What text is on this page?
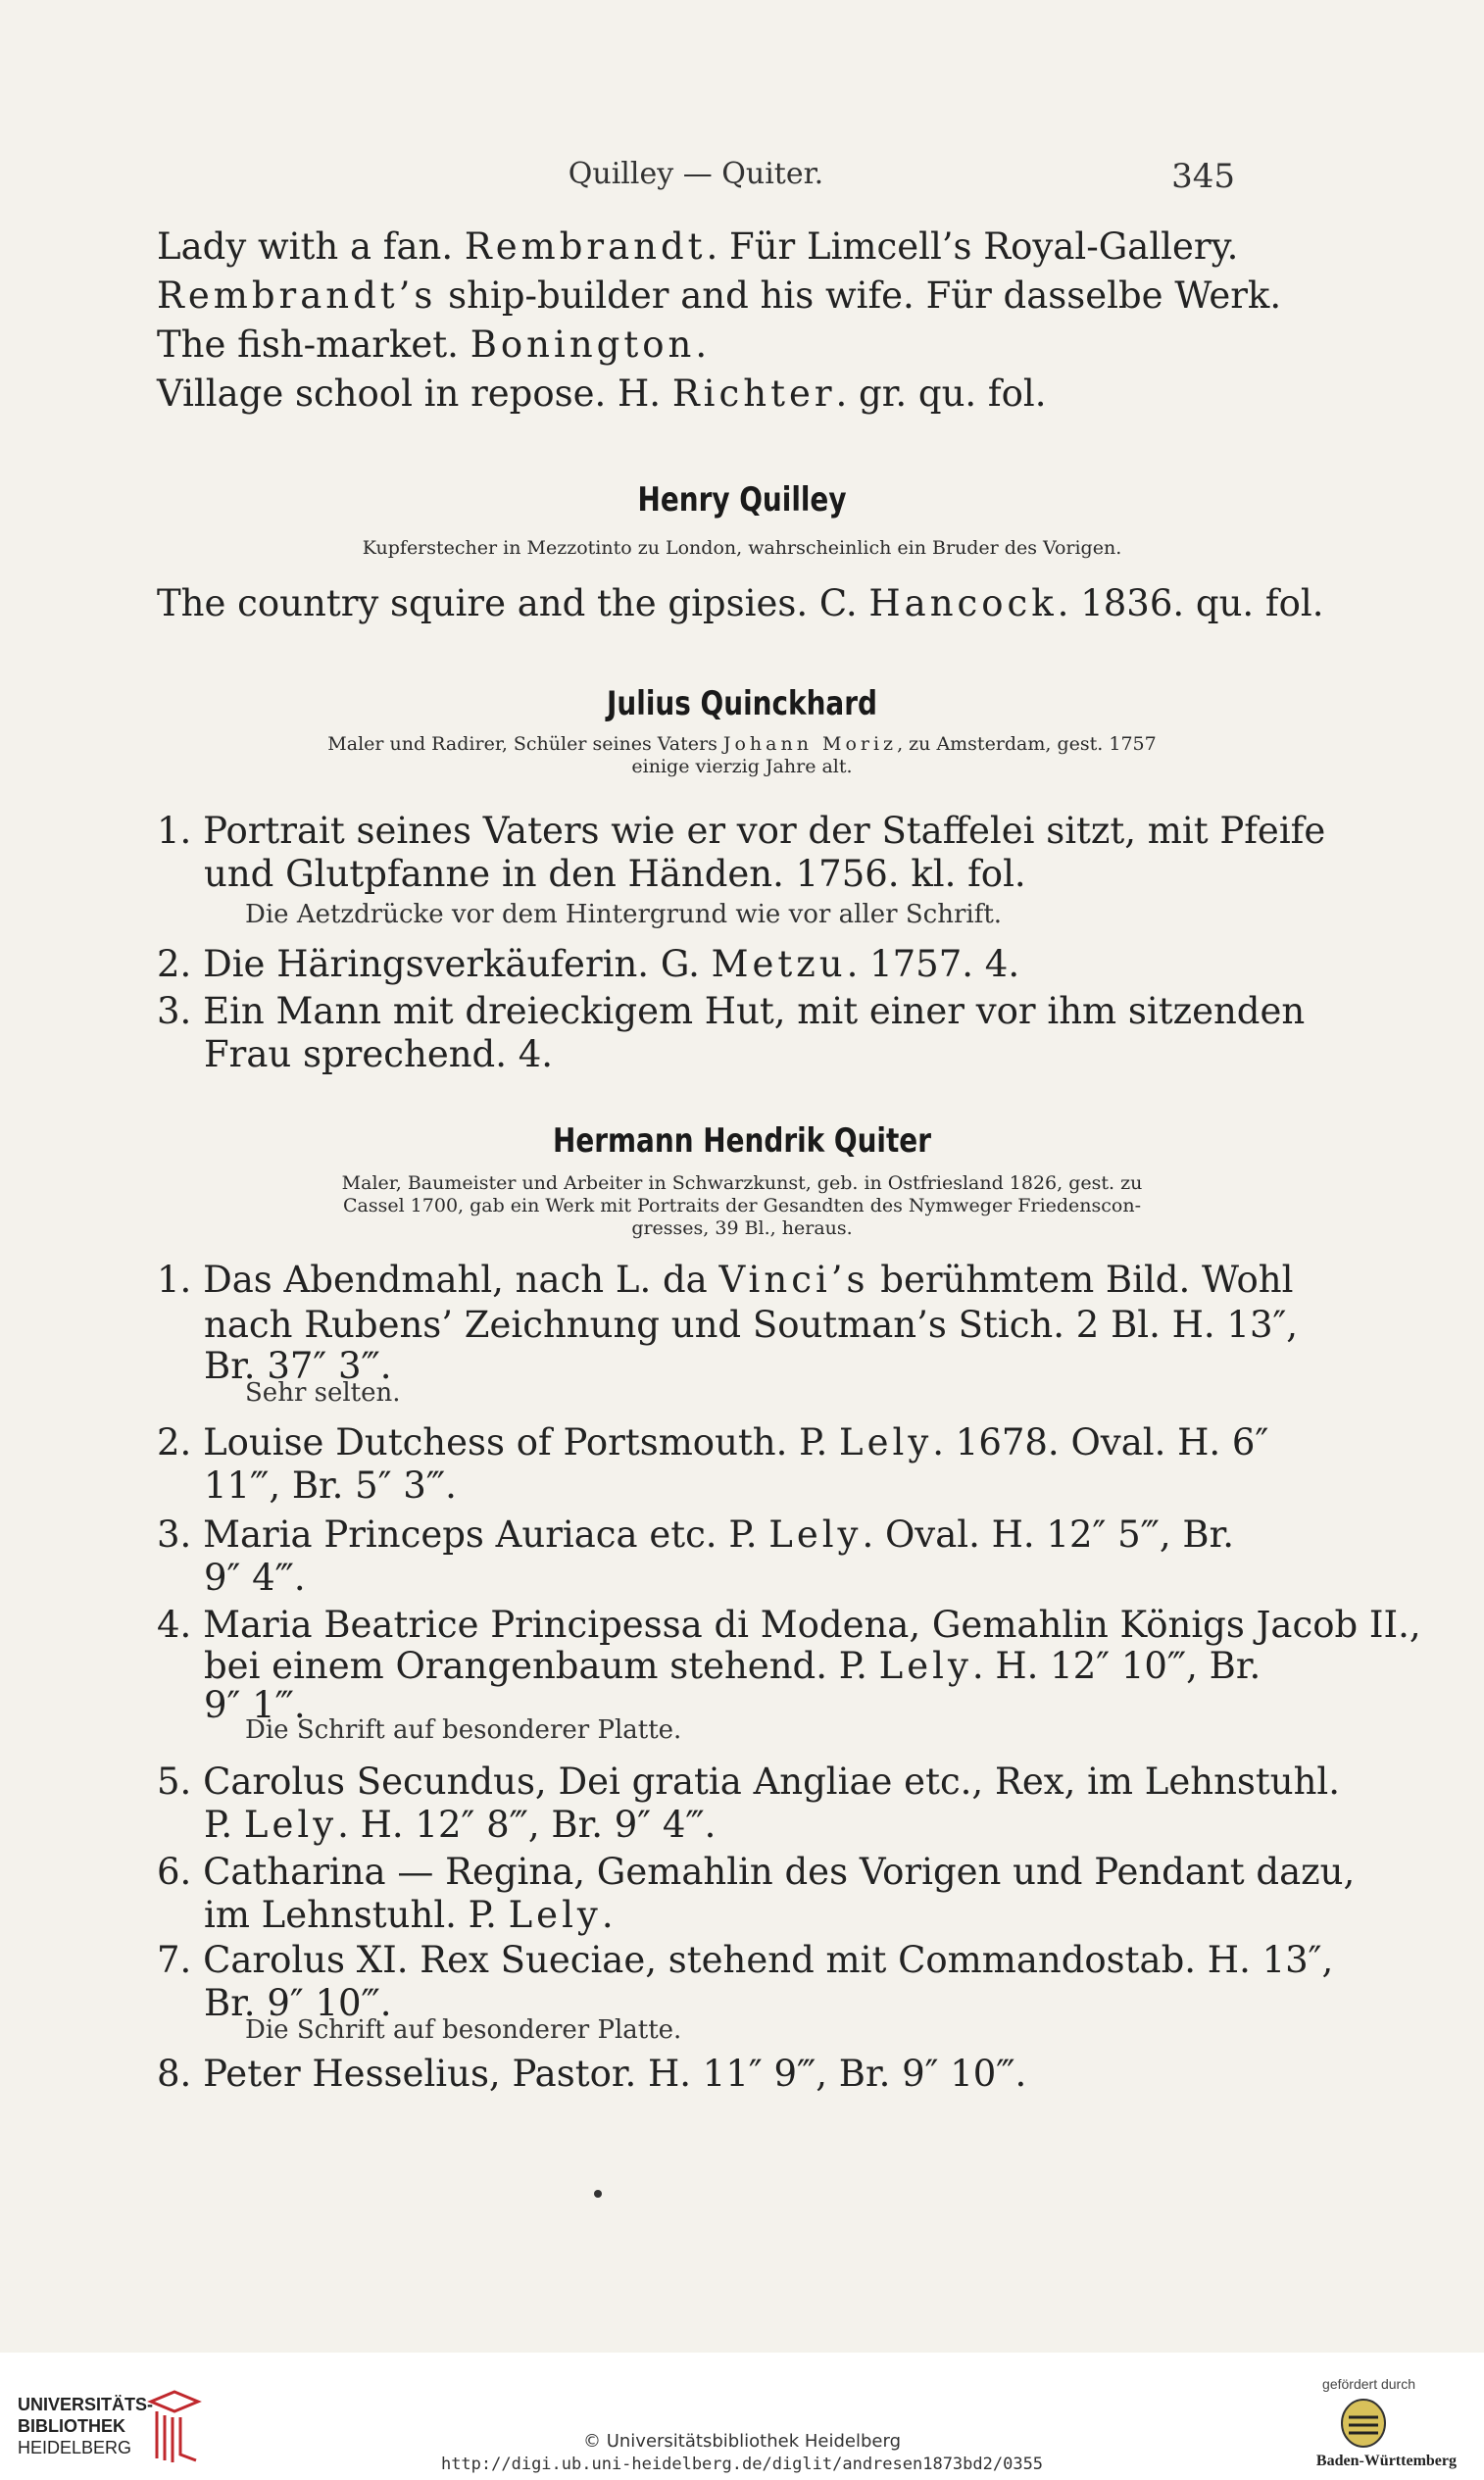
Quilley — Quiter.	345
Lady with a fan. Rembrandt. Für Limcell’s Royal-Gallery.
Rembrandt’s ship-builder and his wife. Für dasselbe Werk.
The fish-market. Bonington.
Village school in repose. H. Richter. gr. qu. fol.
Henry Quilley
Kupferstecher in Mezzotinto zu London, wahrscheinlich ein Bruder des Vorigen.
The country squire and the gipsies. C. Hancock. 1836. qu. fol.
Julius Quinckhard
Maler und Radirer, Schüler seines Vaters Johann Moriz, zu Amsterdam, gest. 1757
einige vierzig Jahre alt.
1. Portrait seines Vaters wie er vor der Staffelei sitzt, mit Pfeife
und Glutpfanne in den Händen. 1756. kl. fol.
Die Aetzdrücke vor dem Hintergrund wie vor aller Schrift.
2. Die Häringsverkäuferin. G. Metzu. 1757. 4.
3. Ein Mann mit dreieckigem Hut, mit einer vor ihm sitzenden
Frau sprechend. 4.
Hermann Hendrik Quiter
Maler, Baumeister und Arbeiter in Schwarzkunst, geb. in Ostfriesland 1826, gest. zu
Cassel 1700, gab ein Werk mit Portraits der Gesandten des Nymweger Friedenscon-
gresses, 39 Bl., heraus.
1. Das Abendmahl, nach L. da Vinci’s berühmtem Bild. Wohl
nach Rubens’ Zeichnung und Soutman’s Stich. 2 Bl. H. 13″,
Br. 37″ 3‴.
Sehr selten.
2. Louise Dutchess of Portsmouth. P. Lely. 1678. Oval. H. 6″
11‴, Br. 5″ 3‴.
3. Maria Princeps Auriaca etc. P. Lely. Oval. H. 12″ 5‴, Br.
9″ 4‴.
4. Maria Beatrice Principessa di Modena, Gemahlin Königs Jacob II.,
bei einem Orangenbaum stehend. P. Lely. H. 12″ 10‴, Br.
9″ 1‴.
Die Schrift auf besonderer Platte.
5. Carolus Secundus, Dei gratia Angliae etc., Rex, im Lehnstuhl.
P. Lely. H. 12″ 8‴, Br. 9″ 4‴.
6. Catharina — Regina, Gemahlin des Vorigen und Pendant dazu,
im Lehnstuhl. P. Lely.
7. Carolus XI. Rex Sueciae, stehend mit Commandostab. H. 13″,
Br. 9″ 10‴.
Die Schrift auf besonderer Platte.
8. Peter Hesselius, Pastor. H. 11″ 9‴, Br. 9″ 10‴.
UNIVERSITÄTS-
BIBLIOTHEK
HEIDELBERG	© Universitätsbibliothek Heidelberg
http://digi.ub.uni-heidelberg.de/diglit/andresen1873bd2/0355
gefördert durch
Baden-Württemberg
